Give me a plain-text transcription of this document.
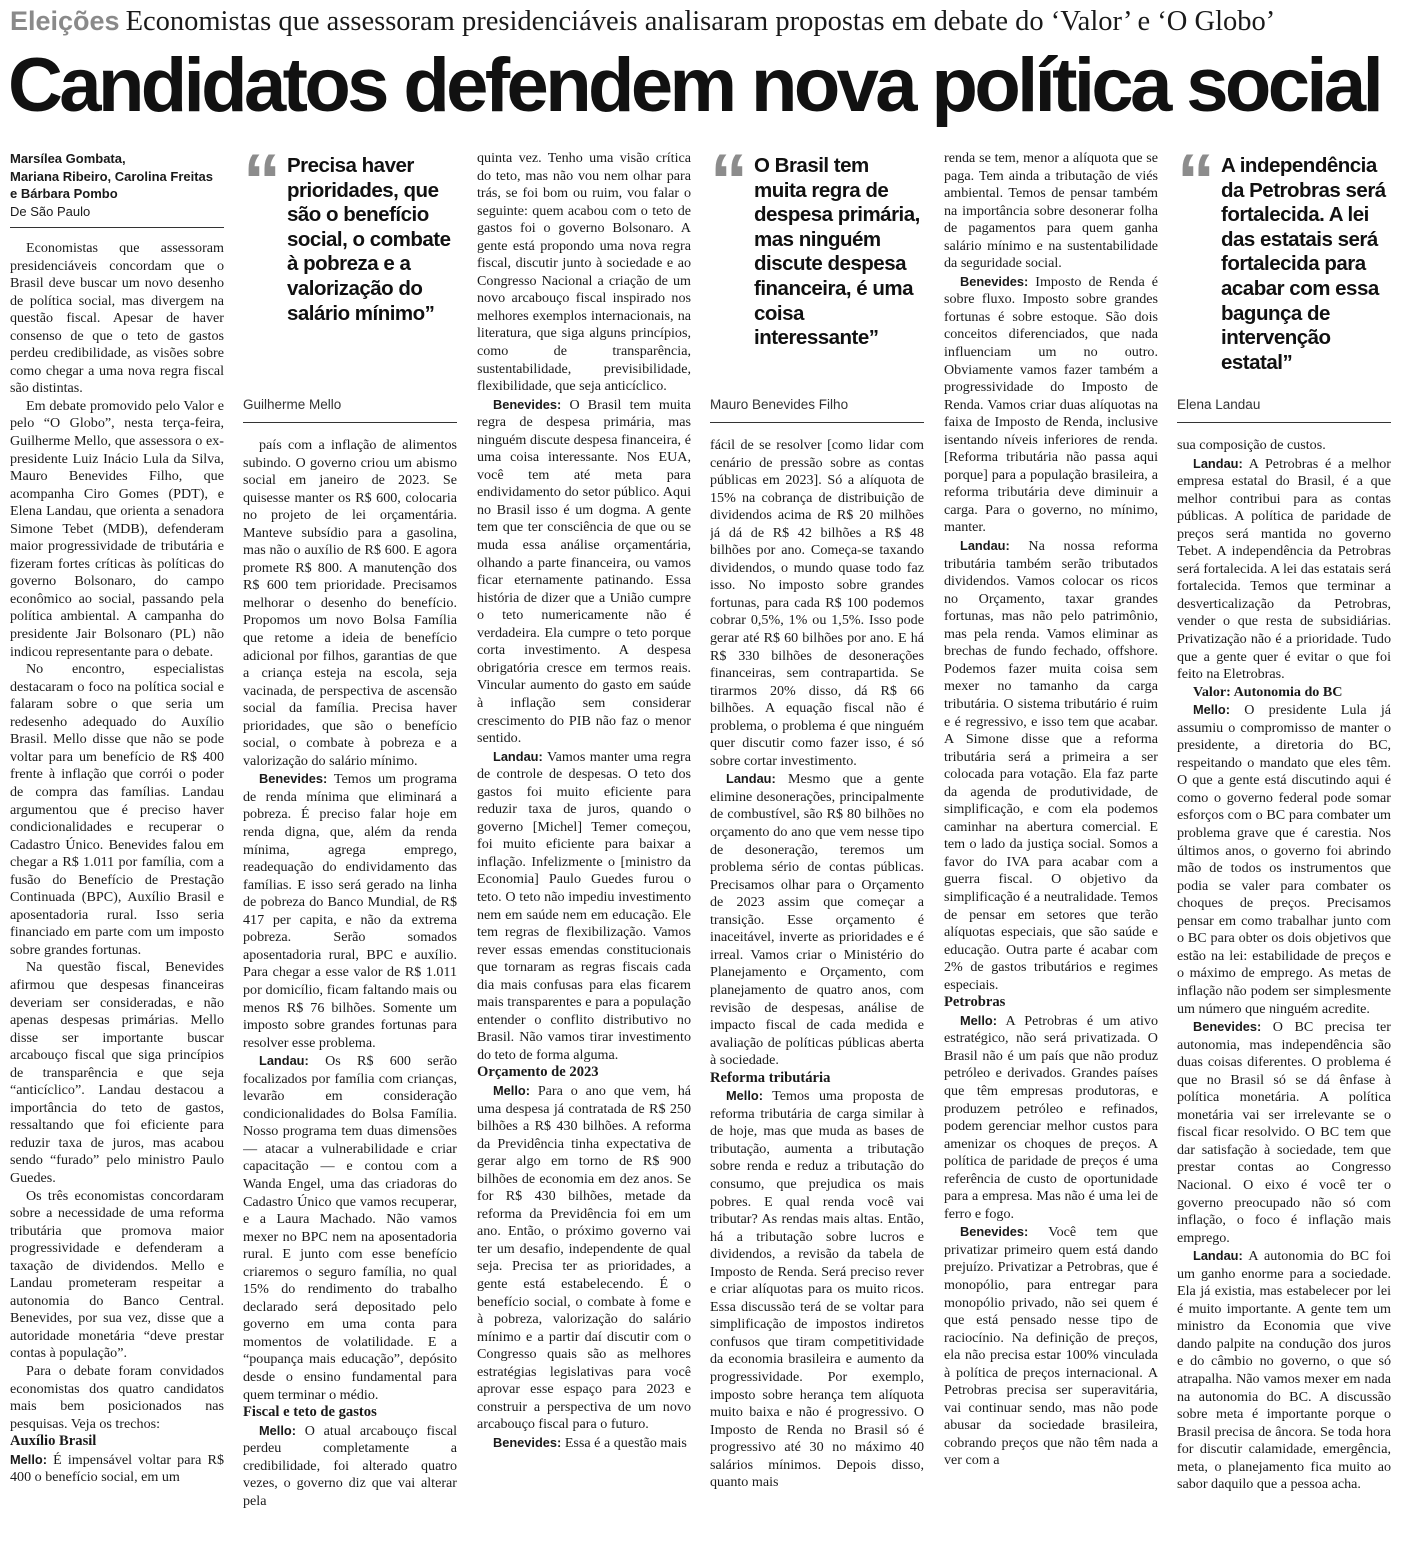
Eleições Economistas que assessoram presidenciáveis analisaram propostas em debate do ‘Valor’ e ‘O Globo’
Candidatos defendem nova política social
Marsílea Gombata,
Mariana Ribeiro, Carolina Freitas
e Bárbara Pombo
De São Paulo

Economistas que assessoram presidenciáveis concordam que o Brasil deve buscar um novo desenho de política social, mas divergem na questão fiscal. Apesar de haver consenso de que o teto de gastos perdeu credibilidade, as visões sobre como chegar a uma nova regra fiscal são distintas.

Em debate promovido pelo Valor e pelo “O Globo”, nesta terça-feira, Guilherme Mello, que assessora o ex-presidente Luiz Inácio Lula da Silva, Mauro Benevides Filho, que acompanha Ciro Gomes (PDT), e Elena Landau, que orienta a senadora Simone Tebet (MDB), defenderam maior progressividade de tributária e fizeram fortes críticas às políticas do governo Bolsonaro, do campo econômico ao social, passando pela política ambiental. A campanha do presidente Jair Bolsonaro (PL) não indicou representante para o debate.

No encontro, especialistas destacaram o foco na política social e falaram sobre o que seria um redesenho adequado do Auxílio Brasil. Mello disse que não se pode voltar para um benefício de R$ 400 frente à inflação que corrói o poder de compra das famílias. Landau argumentou que é preciso haver condicionalidades e recuperar o Cadastro Único. Benevides falou em chegar a R$ 1.011 por família, com a fusão do Benefício de Prestação Continuada (BPC), Auxílio Brasil e aposentadoria rural. Isso seria financiado em parte com um imposto sobre grandes fortunas.

Na questão fiscal, Benevides afirmou que despesas financeiras deveriam ser consideradas, e não apenas despesas primárias. Mello disse ser importante buscar arcabouço fiscal que siga princípios de transparência e que seja “anticíclico”. Landau destacou a importância do teto de gastos, ressaltando que foi eficiente para reduzir taxa de juros, mas acabou sendo “furado” pelo ministro Paulo Guedes.

Os três economistas concordaram sobre a necessidade de uma reforma tributária que promova maior progressividade e defenderam a taxação de dividendos. Mello e Landau prometeram respeitar a autonomia do Banco Central. Benevides, por sua vez, disse que a autoridade monetária “deve prestar contas à população”.

Para o debate foram convidados economistas dos quatro candidatos mais bem posicionados nas pesquisas. Veja os trechos:

Auxílio Brasil

Mello: É impensável voltar para R$ 400 o benefício social, em um

“ Precisa haver prioridades, que são o benefício social, o combate à pobreza e a valorização do salário mínimo”
Guilherme Mello

país com a inflação de alimentos subindo. O governo criou um abismo social em janeiro de 2023. Se quisesse manter os R$ 600, colocaria no projeto de lei orçamentária. Manteve subsídio para a gasolina, mas não o auxílio de R$ 600. E agora promete R$ 800. A manutenção dos R$ 600 tem prioridade. Precisamos melhorar o desenho do benefício. Propomos um novo Bolsa Família que retome a ideia de benefício adicional por filhos, garantias de que a criança esteja na escola, seja vacinada, de perspectiva de ascensão social da família. Precisa haver prioridades, que são o benefício social, o combate à pobreza e a valorização do salário mínimo.

Benevides: Temos um programa de renda mínima que eliminará a pobreza. É preciso falar hoje em renda digna, que, além da renda mínima, agrega emprego, readequação do endividamento das famílias. E isso será gerado na linha de pobreza do Banco Mundial, de R$ 417 per capita, e não da extrema pobreza. Serão somados aposentadoria rural, BPC e auxílio. Para chegar a esse valor de R$ 1.011 por domicílio, ficam faltando mais ou menos R$ 76 bilhões. Somente um imposto sobre grandes fortunas para resolver esse problema.

Landau: Os R$ 600 serão focalizados por família com crianças, levarão em consideração condicionalidades do Bolsa Família. Nosso programa tem duas dimensões — atacar a vulnerabilidade e criar capacitação — e contou com a Wanda Engel, uma das criadoras do Cadastro Único que vamos recuperar, e a Laura Machado. Não vamos mexer no BPC nem na aposentadoria rural. E junto com esse benefício criaremos o seguro família, no qual 15% do rendimento do trabalho declarado será depositado pelo governo em uma conta para momentos de volatilidade. E a “poupança mais educação”, depósito desde o ensino fundamental para quem terminar o médio.

Fiscal e teto de gastos

Mello: O atual arcabouço fiscal perdeu completamente a credibilidade, foi alterado quatro vezes, o governo diz que vai alterar pela

quinta vez. Tenho uma visão crítica do teto, mas não vou nem olhar para trás, se foi bom ou ruim, vou falar o seguinte: quem acabou com o teto de gastos foi o governo Bolsonaro. A gente está propondo uma nova regra fiscal, discutir junto à sociedade e ao Congresso Nacional a criação de um novo arcabouço fiscal inspirado nos melhores exemplos internacionais, na literatura, que siga alguns princípios, como de transparência, sustentabilidade, previsibilidade, flexibilidade, que seja anticíclico.

Benevides: O Brasil tem muita regra de despesa primária, mas ninguém discute despesa financeira, é uma coisa interessante. Nos EUA, você tem até meta para endividamento do setor público. Aqui no Brasil isso é um dogma. A gente tem que ter consciência de que ou se muda essa análise orçamentária, olhando a parte financeira, ou vamos ficar eternamente patinando. Essa história de dizer que a União cumpre o teto numericamente não é verdadeira. Ela cumpre o teto porque corta investimento. A despesa obrigatória cresce em termos reais. Vincular aumento do gasto em saúde à inflação sem considerar crescimento do PIB não faz o menor sentido.

Landau: Vamos manter uma regra de controle de despesas. O teto dos gastos foi muito eficiente para reduzir taxa de juros, quando o governo [Michel] Temer começou, foi muito eficiente para baixar a inflação. Infelizmente o [ministro da Economia] Paulo Guedes furou o teto. O teto não impediu investimento nem em saúde nem em educação. Ele tem regras de flexibilização. Vamos rever essas emendas constitucionais que tornaram as regras fiscais cada dia mais confusas para elas ficarem mais transparentes e para a população entender o conflito distributivo no Brasil. Não vamos tirar investimento do teto de forma alguma.

Orçamento de 2023

Mello: Para o ano que vem, há uma despesa já contratada de R$ 250 bilhões a R$ 430 bilhões. A reforma da Previdência tinha expectativa de gerar algo em torno de R$ 900 bilhões de economia em dez anos. Se for R$ 430 bilhões, metade da reforma da Previdência foi em um ano. Então, o próximo governo vai ter um desafio, independente de qual seja. Precisa ter as prioridades, a gente está estabelecendo. É o benefício social, o combate à fome e à pobreza, valorização do salário mínimo e a partir daí discutir com o Congresso quais são as melhores estratégias legislativas para você aprovar esse espaço para 2023 e construir a perspectiva de um novo arcabouço fiscal para o futuro.

Benevides: Essa é a questão mais

“ O Brasil tem muita regra de despesa primária, mas ninguém discute despesa financeira, é uma coisa interessante”
Mauro Benevides Filho

fácil de se resolver [como lidar com cenário de pressão sobre as contas públicas em 2023]. Só a alíquota de 15% na cobrança de distribuição de dividendos acima de R$ 20 milhões já dá de R$ 42 bilhões a R$ 48 bilhões por ano. Começa-se taxando dividendos, o mundo quase todo faz isso. No imposto sobre grandes fortunas, para cada R$ 100 podemos cobrar 0,5%, 1% ou 1,5%. Isso pode gerar até R$ 60 bilhões por ano. E há R$ 330 bilhões de desonerações financeiras, sem contrapartida. Se tirarmos 20% disso, dá R$ 66 bilhões. A equação fiscal não é problema, o problema é que ninguém quer discutir como fazer isso, é só sobre cortar investimento.

Landau: Mesmo que a gente elimine desonerações, principalmente de combustível, são R$ 80 bilhões no orçamento do ano que vem nesse tipo de desoneração, teremos um problema sério de contas públicas. Precisamos olhar para o Orçamento de 2023 assim que começar a transição. Esse orçamento é inaceitável, inverte as prioridades e é irreal. Vamos criar o Ministério do Planejamento e Orçamento, com planejamento de quatro anos, com revisão de despesas, análise de impacto fiscal de cada medida e avaliação de políticas públicas aberta à sociedade.

Reforma tributária

Mello: Temos uma proposta de reforma tributária de carga similar à de hoje, mas que muda as bases de tributação, aumenta a tributação sobre renda e reduz a tributação do consumo, que prejudica os mais pobres. E qual renda você vai tributar? As rendas mais altas. Então, há a tributação sobre lucros e dividendos, a revisão da tabela de Imposto de Renda. Será preciso rever e criar alíquotas para os muito ricos. Essa discussão terá de se voltar para simplificação de impostos indiretos confusos que tiram competitividade da economia brasileira e aumento da progressividade. Por exemplo, imposto sobre herança tem alíquota muito baixa e não é progressivo. O Imposto de Renda no Brasil só é progressivo até 30 no máximo 40 salários mínimos. Depois disso, quanto mais

renda se tem, menor a alíquota que se paga. Tem ainda a tributação de viés ambiental. Temos de pensar também na importância sobre desonerar folha de pagamentos para quem ganha salário mínimo e na sustentabilidade da seguridade social.

Benevides: Imposto de Renda é sobre fluxo. Imposto sobre grandes fortunas é sobre estoque. São dois conceitos diferenciados, que nada influenciam um no outro. Obviamente vamos fazer também a progressividade do Imposto de Renda. Vamos criar duas alíquotas na faixa de Imposto de Renda, inclusive isentando níveis inferiores de renda. [Reforma tributária não passa aqui porque] para a população brasileira, a reforma tributária deve diminuir a carga. Para o governo, no mínimo, manter.

Landau: Na nossa reforma tributária também serão tributados dividendos. Vamos colocar os ricos no Orçamento, taxar grandes fortunas, mas não pelo patrimônio, mas pela renda. Vamos eliminar as brechas de fundo fechado, offshore. Podemos fazer muita coisa sem mexer no tamanho da carga tributária. O sistema tributário é ruim e é regressivo, e isso tem que acabar. A Simone disse que a reforma tributária será a primeira a ser colocada para votação. Ela faz parte da agenda de produtividade, de simplificação, e com ela podemos caminhar na abertura comercial. E tem o lado da justiça social. Somos a favor do IVA para acabar com a guerra fiscal. O objetivo da simplificação é a neutralidade. Temos de pensar em setores que terão alíquotas especiais, que são saúde e educação. Outra parte é acabar com 2% de gastos tributários e regimes especiais.

Petrobras

Mello: A Petrobras é um ativo estratégico, não será privatizada. O Brasil não é um país que não produz petróleo e derivados. Grandes países que têm empresas produtoras, e produzem petróleo e refinados, podem gerenciar melhor custos para amenizar os choques de preços. A política de paridade de preços é uma referência de custo de oportunidade para a empresa. Mas não é uma lei de ferro e fogo.

Benevides: Você tem que privatizar primeiro quem está dando prejuízo. Privatizar a Petrobras, que é monopólio, para entregar para monopólio privado, não sei quem é que está pensado nesse tipo de raciocínio. Na definição de preços, ela não precisa estar 100% vinculada à política de preços internacional. A Petrobras precisa ser superavitária, vai continuar sendo, mas não pode abusar da sociedade brasileira, cobrando preços que não têm nada a ver com a

“ A independência da Petrobras será fortalecida. A lei das estatais será fortalecida para acabar com essa bagunça de intervenção estatal”
Elena Landau

sua composição de custos.

Landau: A Petrobras é a melhor empresa estatal do Brasil, é a que melhor contribui para as contas públicas. A política de paridade de preços será mantida no governo Tebet. A independência da Petrobras será fortalecida. A lei das estatais será fortalecida. Temos que terminar a desverticalização da Petrobras, vender o que resta de subsidiárias. Privatização não é a prioridade. Tudo que a gente quer é evitar o que foi feito na Eletrobras.

Valor: Autonomia do BC

Mello: O presidente Lula já assumiu o compromisso de manter o presidente, a diretoria do BC, respeitando o mandato que eles têm. O que a gente está discutindo aqui é como o governo federal pode somar esforços com o BC para combater um problema grave que é carestia. Nos últimos anos, o governo foi abrindo mão de todos os instrumentos que podia se valer para combater os choques de preços. Precisamos pensar em como trabalhar junto com o BC para obter os dois objetivos que estão na lei: estabilidade de preços e o máximo de emprego. As metas de inflação não podem ser simplesmente um número que ninguém acredite.

Benevides: O BC precisa ter autonomia, mas independência são duas coisas diferentes. O problema é que no Brasil só se dá ênfase à política monetária. A política monetária vai ser irrelevante se o fiscal ficar resolvido. O BC tem que dar satisfação à sociedade, tem que prestar contas ao Congresso Nacional. O eixo é você ter o governo preocupado não só com inflação, o foco é inflação mais emprego.

Landau: A autonomia do BC foi um ganho enorme para a sociedade. Ela já existia, mas estabelecer por lei é muito importante. A gente tem um ministro da Economia que vive dando palpite na condução dos juros e do câmbio no governo, o que só atrapalha. Não vamos mexer em nada na autonomia do BC. A discussão sobre meta é importante porque o Brasil precisa de âncora. Se toda hora for discutir calamidade, emergência, meta, o planejamento fica muito ao sabor daquilo que a pessoa acha.
